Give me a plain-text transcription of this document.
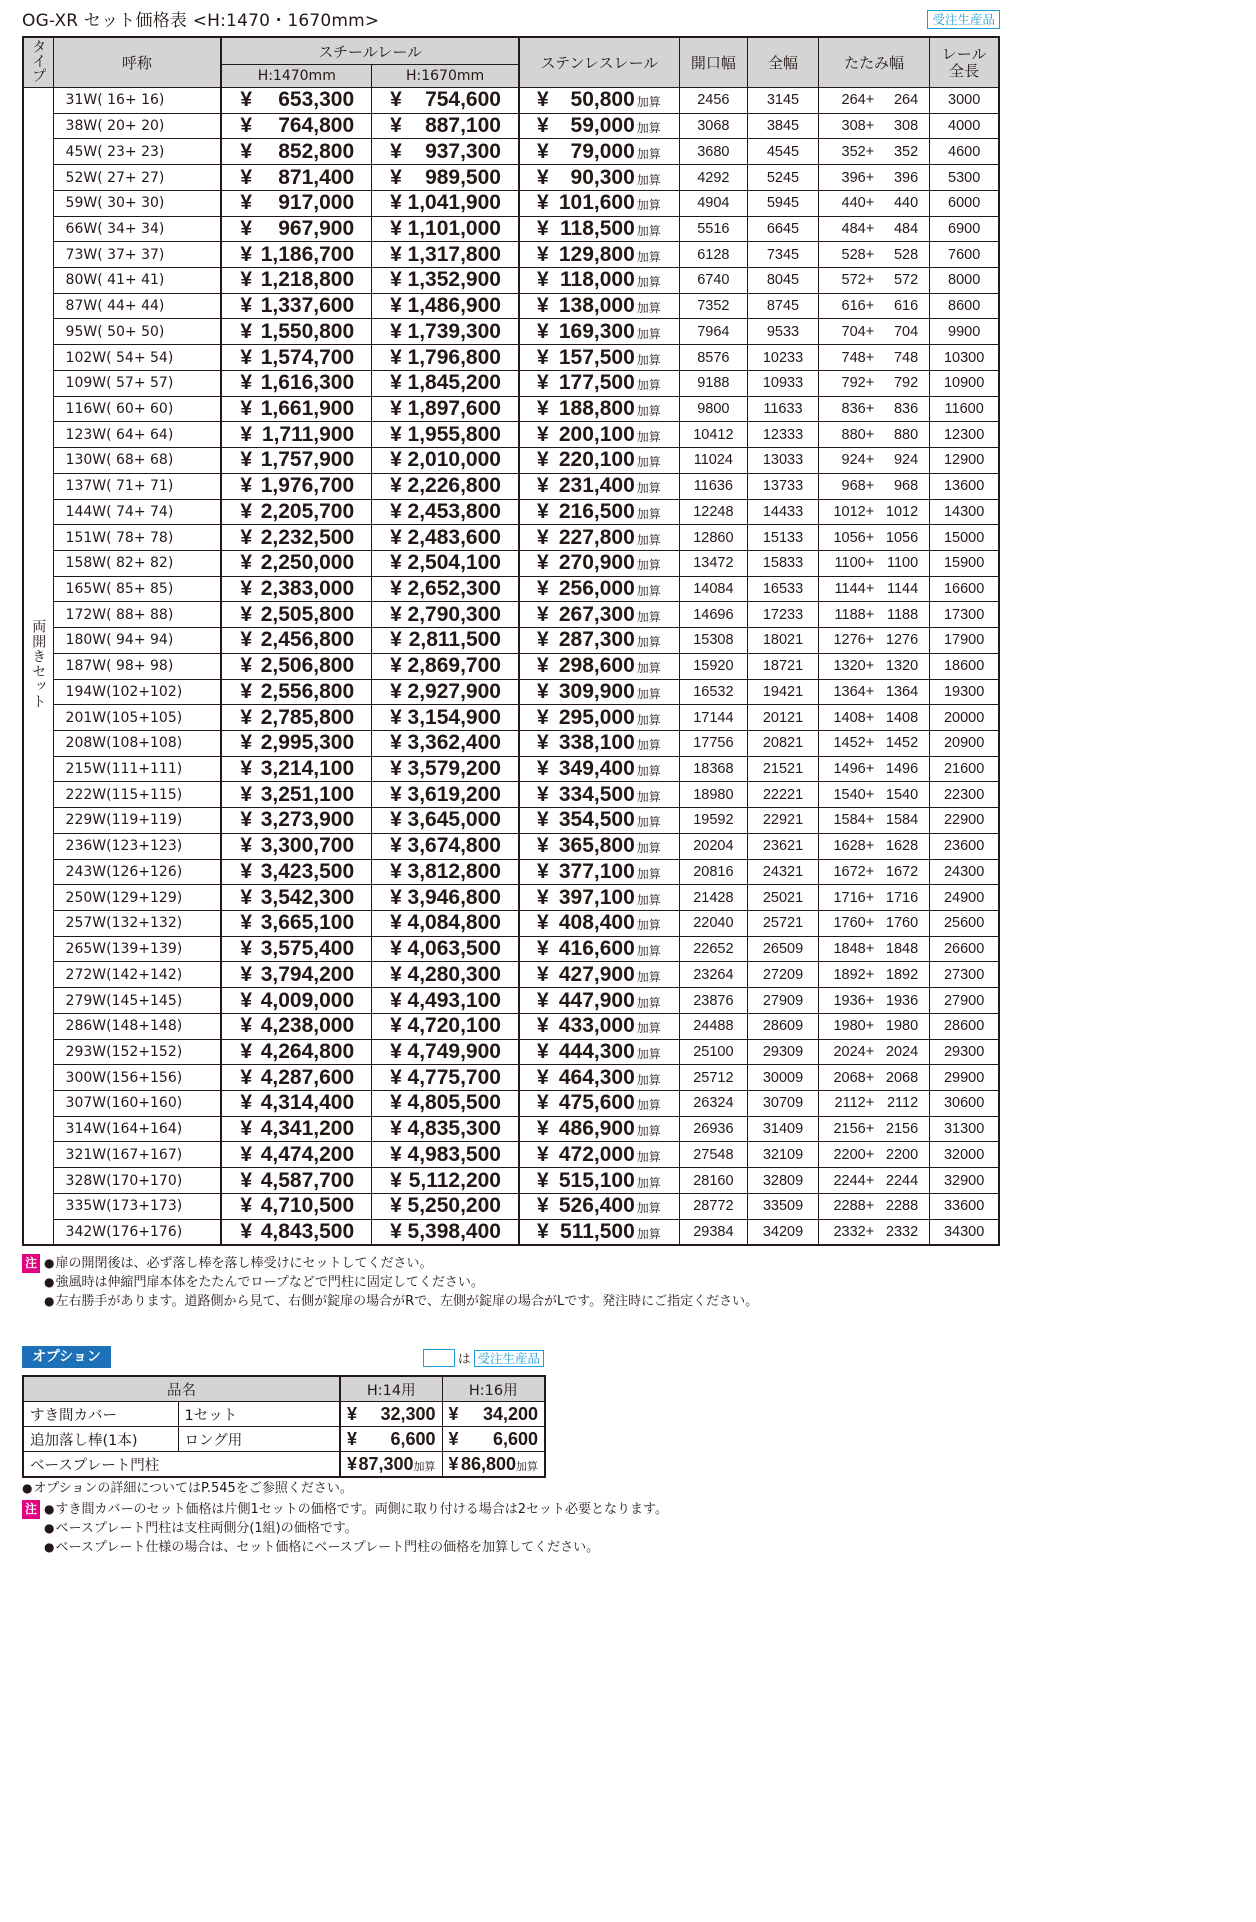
OG-XR セット価格表 <H:1470・1670mm>	受注生産品
タイプ	呼称	スチールレール		ステンレスレール	開口幅	全幅	たたみ幅	レール全長
		H:1470mm	H:1670mm					
両開きセット	31W( 16+ 16)	¥ 653,300	¥ 754,600	¥ 50,800 加算	2456	3145	264+ 264	3000
	38W( 20+ 20)	¥ 764,800	¥ 887,100	¥ 59,000 加算	3068	3845	308+ 308	4000
	45W( 23+ 23)	¥ 852,800	¥ 937,300	¥ 79,000 加算	3680	4545	352+ 352	4600
	52W( 27+ 27)	¥ 871,400	¥ 989,500	¥ 90,300 加算	4292	5245	396+ 396	5300
	59W( 30+ 30)	¥ 917,000	¥ 1,041,900	¥ 101,600 加算	4904	5945	440+ 440	6000
	66W( 34+ 34)	¥ 967,900	¥ 1,101,000	¥ 118,500 加算	5516	6645	484+ 484	6900
	73W( 37+ 37)	¥ 1,186,700	¥ 1,317,800	¥ 129,800 加算	6128	7345	528+ 528	7600
	80W( 41+ 41)	¥ 1,218,800	¥ 1,352,900	¥ 118,000 加算	6740	8045	572+ 572	8000
	87W( 44+ 44)	¥ 1,337,600	¥ 1,486,900	¥ 138,000 加算	7352	8745	616+ 616	8600
	95W( 50+ 50)	¥ 1,550,800	¥ 1,739,300	¥ 169,300 加算	7964	9533	704+ 704	9900
	102W( 54+ 54)	¥ 1,574,700	¥ 1,796,800	¥ 157,500 加算	8576	10233	748+ 748	10300
	109W( 57+ 57)	¥ 1,616,300	¥ 1,845,200	¥ 177,500 加算	9188	10933	792+ 792	10900
	116W( 60+ 60)	¥ 1,661,900	¥ 1,897,600	¥ 188,800 加算	9800	11633	836+ 836	11600
	123W( 64+ 64)	¥ 1,711,900	¥ 1,955,800	¥ 200,100 加算	10412	12333	880+ 880	12300
	130W( 68+ 68)	¥ 1,757,900	¥ 2,010,000	¥ 220,100 加算	11024	13033	924+ 924	12900
	137W( 71+ 71)	¥ 1,976,700	¥ 2,226,800	¥ 231,400 加算	11636	13733	968+ 968	13600
	144W( 74+ 74)	¥ 2,205,700	¥ 2,453,800	¥ 216,500 加算	12248	14433	1012+ 1012	14300
	151W( 78+ 78)	¥ 2,232,500	¥ 2,483,600	¥ 227,800 加算	12860	15133	1056+ 1056	15000
	158W( 82+ 82)	¥ 2,250,000	¥ 2,504,100	¥ 270,900 加算	13472	15833	1100+ 1100	15900
	165W( 85+ 85)	¥ 2,383,000	¥ 2,652,300	¥ 256,000 加算	14084	16533	1144+ 1144	16600
	172W( 88+ 88)	¥ 2,505,800	¥ 2,790,300	¥ 267,300 加算	14696	17233	1188+ 1188	17300
	180W( 94+ 94)	¥ 2,456,800	¥ 2,811,500	¥ 287,300 加算	15308	18021	1276+ 1276	17900
	187W( 98+ 98)	¥ 2,506,800	¥ 2,869,700	¥ 298,600 加算	15920	18721	1320+ 1320	18600
	194W(102+102)	¥ 2,556,800	¥ 2,927,900	¥ 309,900 加算	16532	19421	1364+ 1364	19300
	201W(105+105)	¥ 2,785,800	¥ 3,154,900	¥ 295,000 加算	17144	20121	1408+ 1408	20000
	208W(108+108)	¥ 2,995,300	¥ 3,362,400	¥ 338,100 加算	17756	20821	1452+ 1452	20900
	215W(111+111)	¥ 3,214,100	¥ 3,579,200	¥ 349,400 加算	18368	21521	1496+ 1496	21600
	222W(115+115)	¥ 3,251,100	¥ 3,619,200	¥ 334,500 加算	18980	22221	1540+ 1540	22300
	229W(119+119)	¥ 3,273,900	¥ 3,645,000	¥ 354,500 加算	19592	22921	1584+ 1584	22900
	236W(123+123)	¥ 3,300,700	¥ 3,674,800	¥ 365,800 加算	20204	23621	1628+ 1628	23600
	243W(126+126)	¥ 3,423,500	¥ 3,812,800	¥ 377,100 加算	20816	24321	1672+ 1672	24300
	250W(129+129)	¥ 3,542,300	¥ 3,946,800	¥ 397,100 加算	21428	25021	1716+ 1716	24900
	257W(132+132)	¥ 3,665,100	¥ 4,084,800	¥ 408,400 加算	22040	25721	1760+ 1760	25600
	265W(139+139)	¥ 3,575,400	¥ 4,063,500	¥ 416,600 加算	22652	26509	1848+ 1848	26600
	272W(142+142)	¥ 3,794,200	¥ 4,280,300	¥ 427,900 加算	23264	27209	1892+ 1892	27300
	279W(145+145)	¥ 4,009,000	¥ 4,493,100	¥ 447,900 加算	23876	27909	1936+ 1936	27900
	286W(148+148)	¥ 4,238,000	¥ 4,720,100	¥ 433,000 加算	24488	28609	1980+ 1980	28600
	293W(152+152)	¥ 4,264,800	¥ 4,749,900	¥ 444,300 加算	25100	29309	2024+ 2024	29300
	300W(156+156)	¥ 4,287,600	¥ 4,775,700	¥ 464,300 加算	25712	30009	2068+ 2068	29900
	307W(160+160)	¥ 4,314,400	¥ 4,805,500	¥ 475,600 加算	26324	30709	2112+ 2112	30600
	314W(164+164)	¥ 4,341,200	¥ 4,835,300	¥ 486,900 加算	26936	31409	2156+ 2156	31300
	321W(167+167)	¥ 4,474,200	¥ 4,983,500	¥ 472,000 加算	27548	32109	2200+ 2200	32000
	328W(170+170)	¥ 4,587,700	¥ 5,112,200	¥ 515,100 加算	28160	32809	2244+ 2244	32900
	335W(173+173)	¥ 4,710,500	¥ 5,250,200	¥ 526,400 加算	28772	33509	2288+ 2288	33600
	342W(176+176)	¥ 4,843,500	¥ 5,398,400	¥ 511,500 加算	29384	34209	2332+ 2332	34300
注	● 扉の開閉後は、必ず落し棒を落し棒受けにセットしてください。
● 強風時は伸縮門扉本体をたたんでロープなどで門柱に固定してください。
● 左右勝手があります。道路側から見て、右側が錠扉の場合がRで、左側が錠扉の場合がLです。発注時にご指定ください。
オプション	は 受注生産品
品名		H:14用	H:16用
すき間カバー	1セット	¥ 32,300	¥ 34,200
追加落し棒(1本)	ロング用	¥ 6,600	¥ 6,600
ベースプレート門柱		¥ 87,300加算	¥ 86,800加算
● オプションの詳細についてはP.545をご参照ください。
注	● すき間カバーのセット価格は片側1セットの価格です。両側に取り付ける場合は2セット必要となります。
● ベースプレート門柱は支柱両側分(1組)の価格です。
● ベースプレート仕様の場合は、セット価格にベースプレート門柱の価格を加算してください。
